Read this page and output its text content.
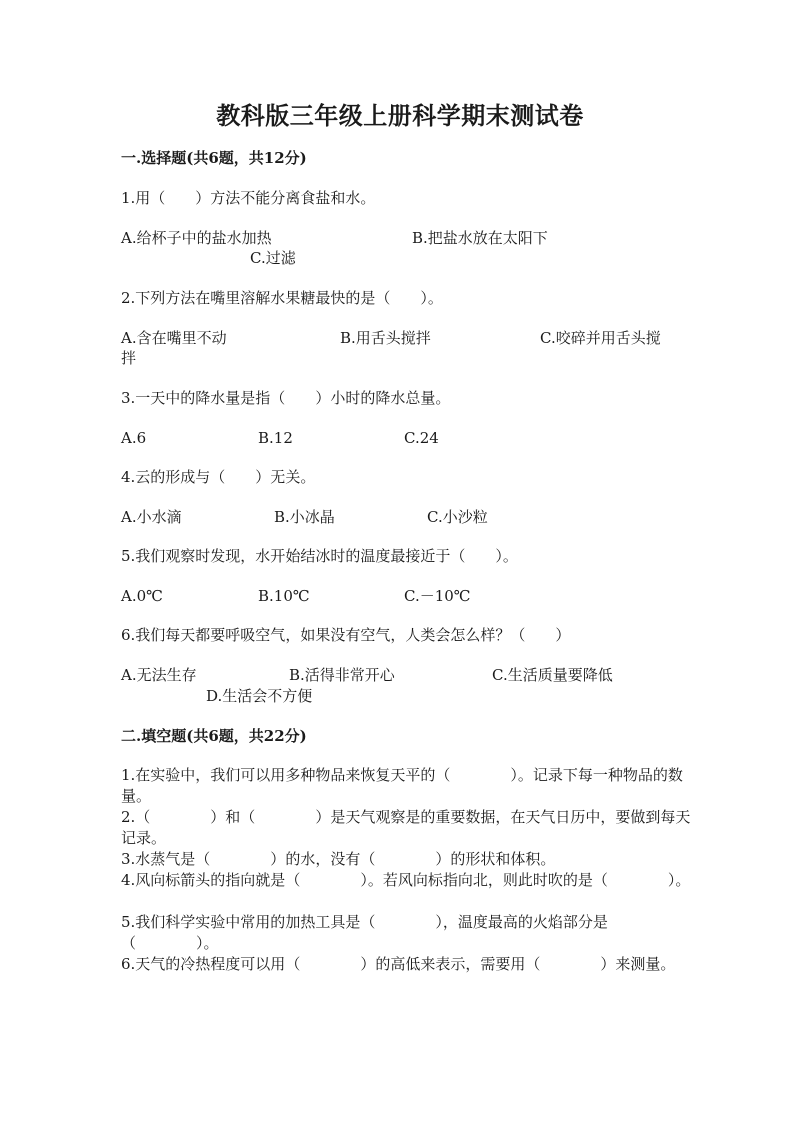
教科版三年级上册科学期末测试卷
一.选择题(共6题，共12分)
1.用（　　）方法不能分离食盐和水。
A.给杯子中的盐水加热	B.把盐水放在太阳下
C.过滤
2.下列方法在嘴里溶解水果糖最快的是（　　）。
A.含在嘴里不动	B.用舌头搅拌	C.咬碎并用舌头搅
拌
3.一天中的降水量是指（　　）小时的降水总量。
A.6	B.12	C.24
4.云的形成与（　　）无关。
A.小水滴	B.小冰晶	C.小沙粒
5.我们观察时发现，水开始结冰时的温度最接近于（　　）。
A.0℃	B.10℃	C.－10℃
6.我们每天都要呼吸空气，如果没有空气，人类会怎么样？（　　）
A.无法生存	B.活得非常开心	C.生活质量要降低
D.生活会不方便
二.填空题(共6题，共22分)
1.在实验中，我们可以用多种物品来恢复天平的（　　　　）。记录下每一种物品的数量。
2.（　　　　）和（　　　　）是天气观察是的重要数据，在天气日历中，要做到每天记录。
3.水蒸气是（　　　　）的水，没有（　　　　）的形状和体积。
4.风向标箭头的指向就是（　　　　）。若风向标指向北，则此时吹的是（　　　　）。
5.我们科学实验中常用的加热工具是（　　　　），温度最高的火焰部分是（　　　　）。
6.天气的冷热程度可以用（　　　　）的高低来表示，需要用（　　　　）来测量。
